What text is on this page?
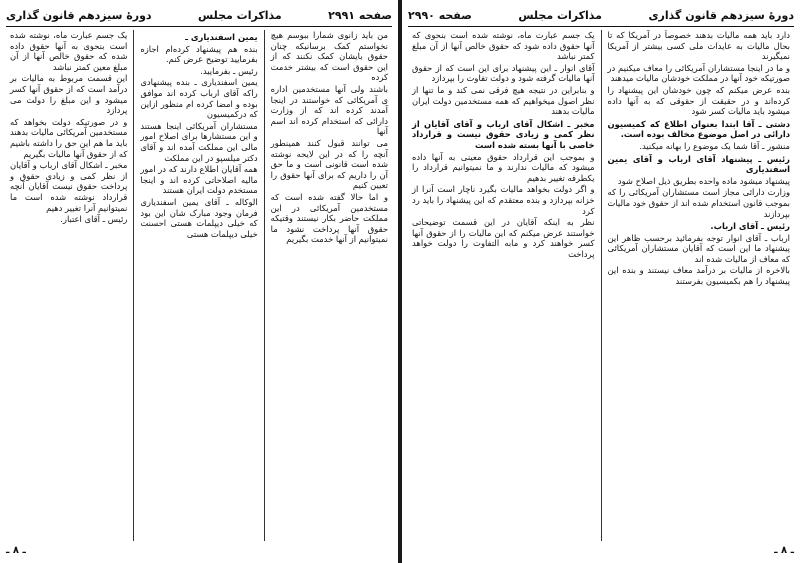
صفحه ۲۹۹۱
مذاکرات مجلس
دورهٔ سیزدهم قانون گذاری

من باید زانوی شمارا ببوسم هیچ نخواستم کمک برسانیکه چنان حقوق بایشان کمک نکنند که از این حقوق است که بیشتر خدمت کرده

باشند ولی آنها مستخدمین اداره ی آمریکائی که خواستند در اینجا آمدند کرده اند که از وزارت دارائی که استخدام کرده اند اسم آنها

می توانند قبول کنند همینطور آنچه را که در این لایحه نوشته شده است قانونی است و ما حق آن را داریم که برای آنها حقوق را تعیین کنیم

و اما حالا گفته شده است که مستخدمین آمریکائی در این مملکت حاضر بکار نیستند وقتیکه حقوق آنها پرداخت نشود ما نمیتوانیم از آنها خدمت بگیریم

یمین اسفندیاری ـ

بنده هم پیشنهاد کرده‌ام اجازه بفرمایید توضیح عرض کنم.

رئیس ـ بفرمایید.

یمین اسفندیاری ـ بنده پیشنهادی راکه آقای ارباب کرده اند موافق بوده و امضا کرده ام منظور ازاین که درکمیسیون

مستشاران آمریکائی اینجا هستند و این مستشارها برای اصلاح امور مالی این مملکت آمده اند و آقای دکتر میلسپو در این مملکت

همه آقایان اطلاع دارند که در امور مالیه اصلاحاتی کرده اند و اینجا مستخدم دولت ایران هستند

الوکاله ـ آقای یمین اسفندیاری فرمان وجود مبارک شان این بود که خیلی دیپلمات هستی احسنت خیلی دیپلمات هستی

یک جسم عبارت ماه، نوشته شده است بنحوی به آنها حقوق داده شده که حقوق خالص آنها از آن مبلغ معین کمتر نباشد

این قسمت مربوط به مالیات بر درآمد است که از حقوق آنها کسر میشود و این مبلغ را دولت می پردازد

و در صورتیکه دولت بخواهد که مستخدمین آمریکائی مالیات بدهند باید ما هم این حق را داشته باشیم که از حقوق آنها مالیات بگیریم

مخبر ـ اشکال آقای ارباب و آقایان از نظر کمی و زیادی حقوق و پرداخت حقوق نیست آقایان آنچه قرارداد نوشته شده است ما نمیتوانیم آنرا تغییر دهیم

رئیس ـ آقای اعتبار.

ـ ۸ ـ
دورهٔ سیزدهم قانون گذاری
مذاکرات مجلس
صفحه ۲۹۹۰

دارد باید همه مالیات بدهند خصوصاً در آمریکا که تا بحال مالیات به عایدات ملی کسی بیشتر از آمریکا نمیگیرند

و ما در اینجا مستشاران آمریکائی را معاف میکنیم در صورتیکه خود آنها در مملکت خودشان مالیات میدهند

بنده عرض میکنم که چون خودشان این پیشنهاد را کرده‌اند و در حقیقت از حقوقی که به آنها داده میشود باید مالیات کسر شود

دشتی ـ آقا ابتدا بعنوان اطلاع که کمیسیون دارائی در اصل موضوع مخالف بوده است.

منشور ـ آقا شما یک موضوع را بهانه میکنید.

رئیس ـ پیشنهاد آقای ارباب و آقای یمین اسفندیاری

پیشنهاد میشود ماده واحده بطریق ذیل اصلاح شود

وزارت دارائی مجاز است مستشاران آمریکائی را که بموجب قانون استخدام شده اند از حقوق خود مالیات بپردازند

رئیس ـ آقای ارباب.

ارباب ـ آقای انوار توجه بفرمائید برحسب ظاهر این پیشنهاد ما این است که آقایان مستشاران آمریکائی که معاف از مالیات شده اند

بالاخره از مالیات بر درآمد معاف نیستند و بنده این پیشنهاد را هم بکمیسیون بفرستند

یک جسم عبارت ماه، نوشته شده است بنحوی که آنها حقوق داده شود که حقوق خالص آنها از آن مبلغ کمتر نباشد

آقای انوار ـ این پیشنهاد برای این است که از حقوق آنها مالیات گرفته شود و دولت تفاوت را بپردازد

و بنابراین در نتیجه هیچ فرقی نمی کند و ما تنها از نظر اصول میخواهیم که همه مستخدمین دولت ایران مالیات بدهند

مخبر ـ اشکال آقای ارباب و آقای آقایان از نظر کمی و زیادی حقوق نیست و قرارداد خاصی با آنها بسته شده است

و بموجب این قرارداد حقوق معینی به آنها داده میشود که مالیات ندارند و ما نمیتوانیم قرارداد را یکطرفه تغییر بدهیم

و اگر دولت بخواهد مالیات بگیرد ناچار است آنرا از خزانه بپردازد و بنده معتقدم که این پیشنهاد را باید رد کرد

نظر به اینکه آقایان در این قسمت توضیحاتی خواستند عرض میکنم که این مالیات را از حقوق آنها کسر خواهند کرد و مابه التفاوت را دولت خواهد پرداخت

ـ ۸ ـ
